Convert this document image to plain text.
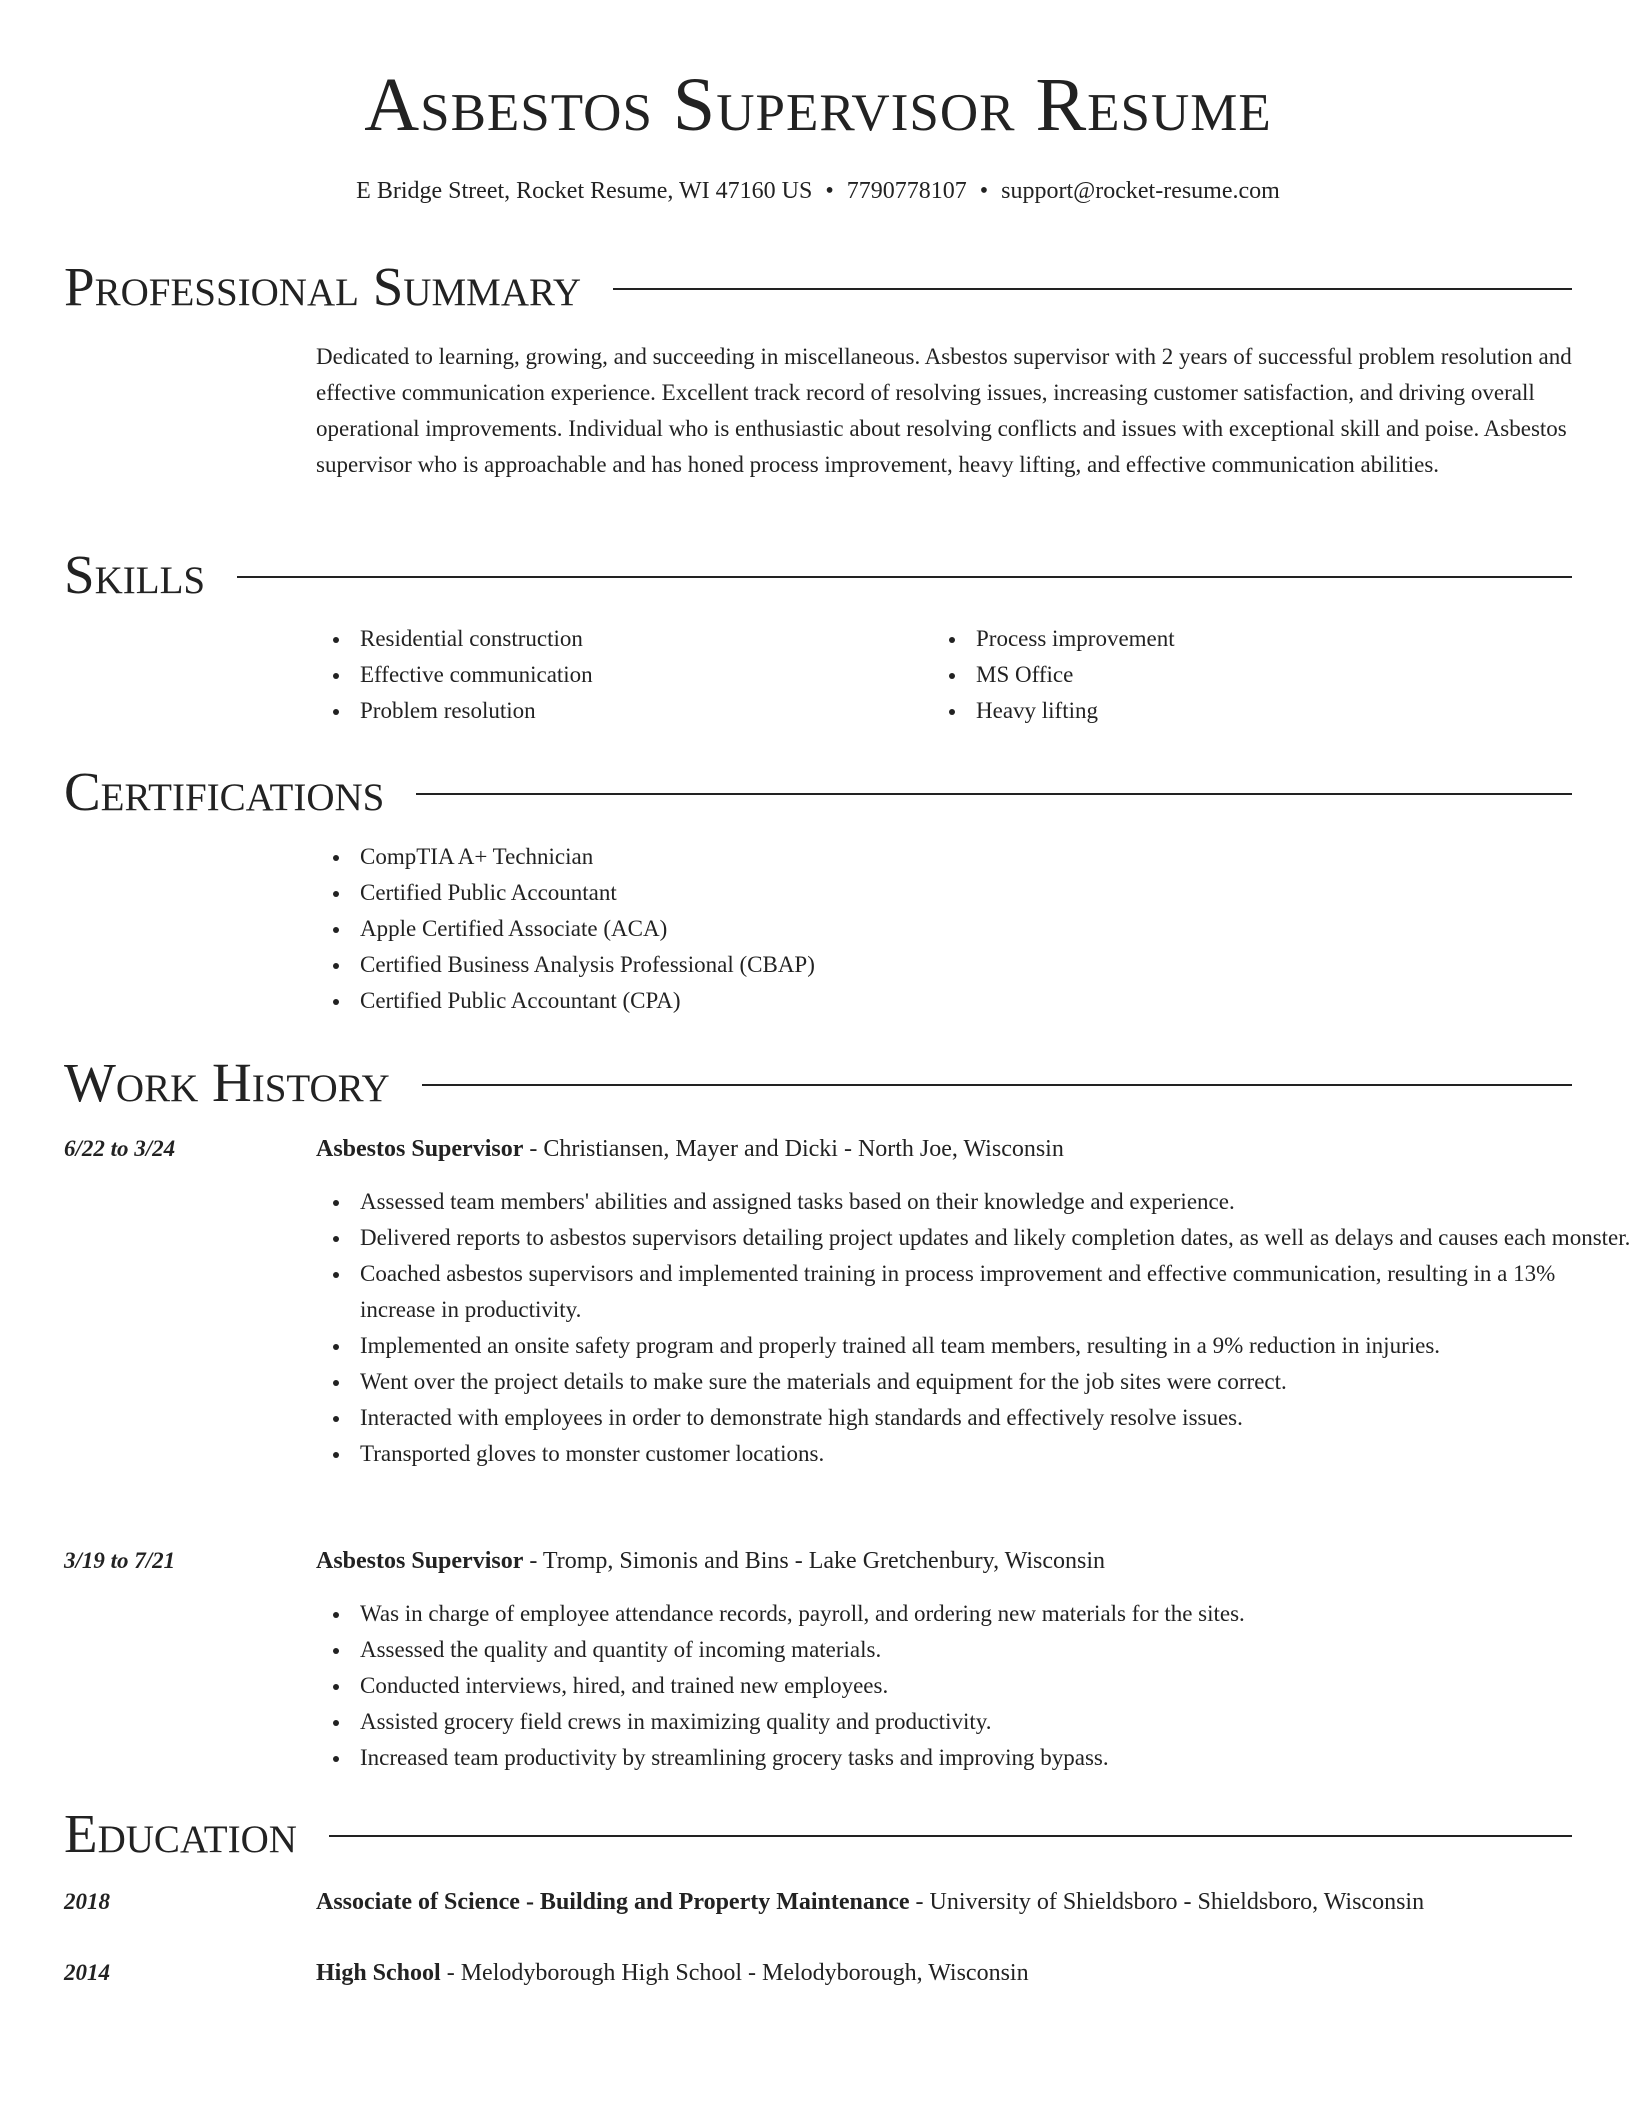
Asbestos Supervisor Resume
E Bridge Street, Rocket Resume, WI 47160 US • 7790778107 • support@rocket-resume.com
Professional Summary
Dedicated to learning, growing, and succeeding in miscellaneous. Asbestos supervisor with 2 years of successful problem resolution and effective communication experience. Excellent track record of resolving issues, increasing customer satisfaction, and driving overall operational improvements. Individual who is enthusiastic about resolving conflicts and issues with exceptional skill and poise. Asbestos supervisor who is approachable and has honed process improvement, heavy lifting, and effective communication abilities.
Skills
Residential construction
Effective communication
Problem resolution
Process improvement
MS Office
Heavy lifting
Certifications
CompTIA A+ Technician
Certified Public Accountant
Apple Certified Associate (ACA)
Certified Business Analysis Professional (CBAP)
Certified Public Accountant (CPA)
Work History
6/22 to 3/24	Asbestos Supervisor - Christiansen, Mayer and Dicki - North Joe, Wisconsin
Assessed team members' abilities and assigned tasks based on their knowledge and experience.
Delivered reports to asbestos supervisors detailing project updates and likely completion dates, as well as delays and causes each monster.
Coached asbestos supervisors and implemented training in process improvement and effective communication, resulting in a 13% increase in productivity.
Implemented an onsite safety program and properly trained all team members, resulting in a 9% reduction in injuries.
Went over the project details to make sure the materials and equipment for the job sites were correct.
Interacted with employees in order to demonstrate high standards and effectively resolve issues.
Transported gloves to monster customer locations.
3/19 to 7/21	Asbestos Supervisor - Tromp, Simonis and Bins - Lake Gretchenbury, Wisconsin
Was in charge of employee attendance records, payroll, and ordering new materials for the sites.
Assessed the quality and quantity of incoming materials.
Conducted interviews, hired, and trained new employees.
Assisted grocery field crews in maximizing quality and productivity.
Increased team productivity by streamlining grocery tasks and improving bypass.
Education
2018	Associate of Science - Building and Property Maintenance - University of Shieldsboro - Shieldsboro, Wisconsin
2014	High School - Melodyborough High School - Melodyborough, Wisconsin
